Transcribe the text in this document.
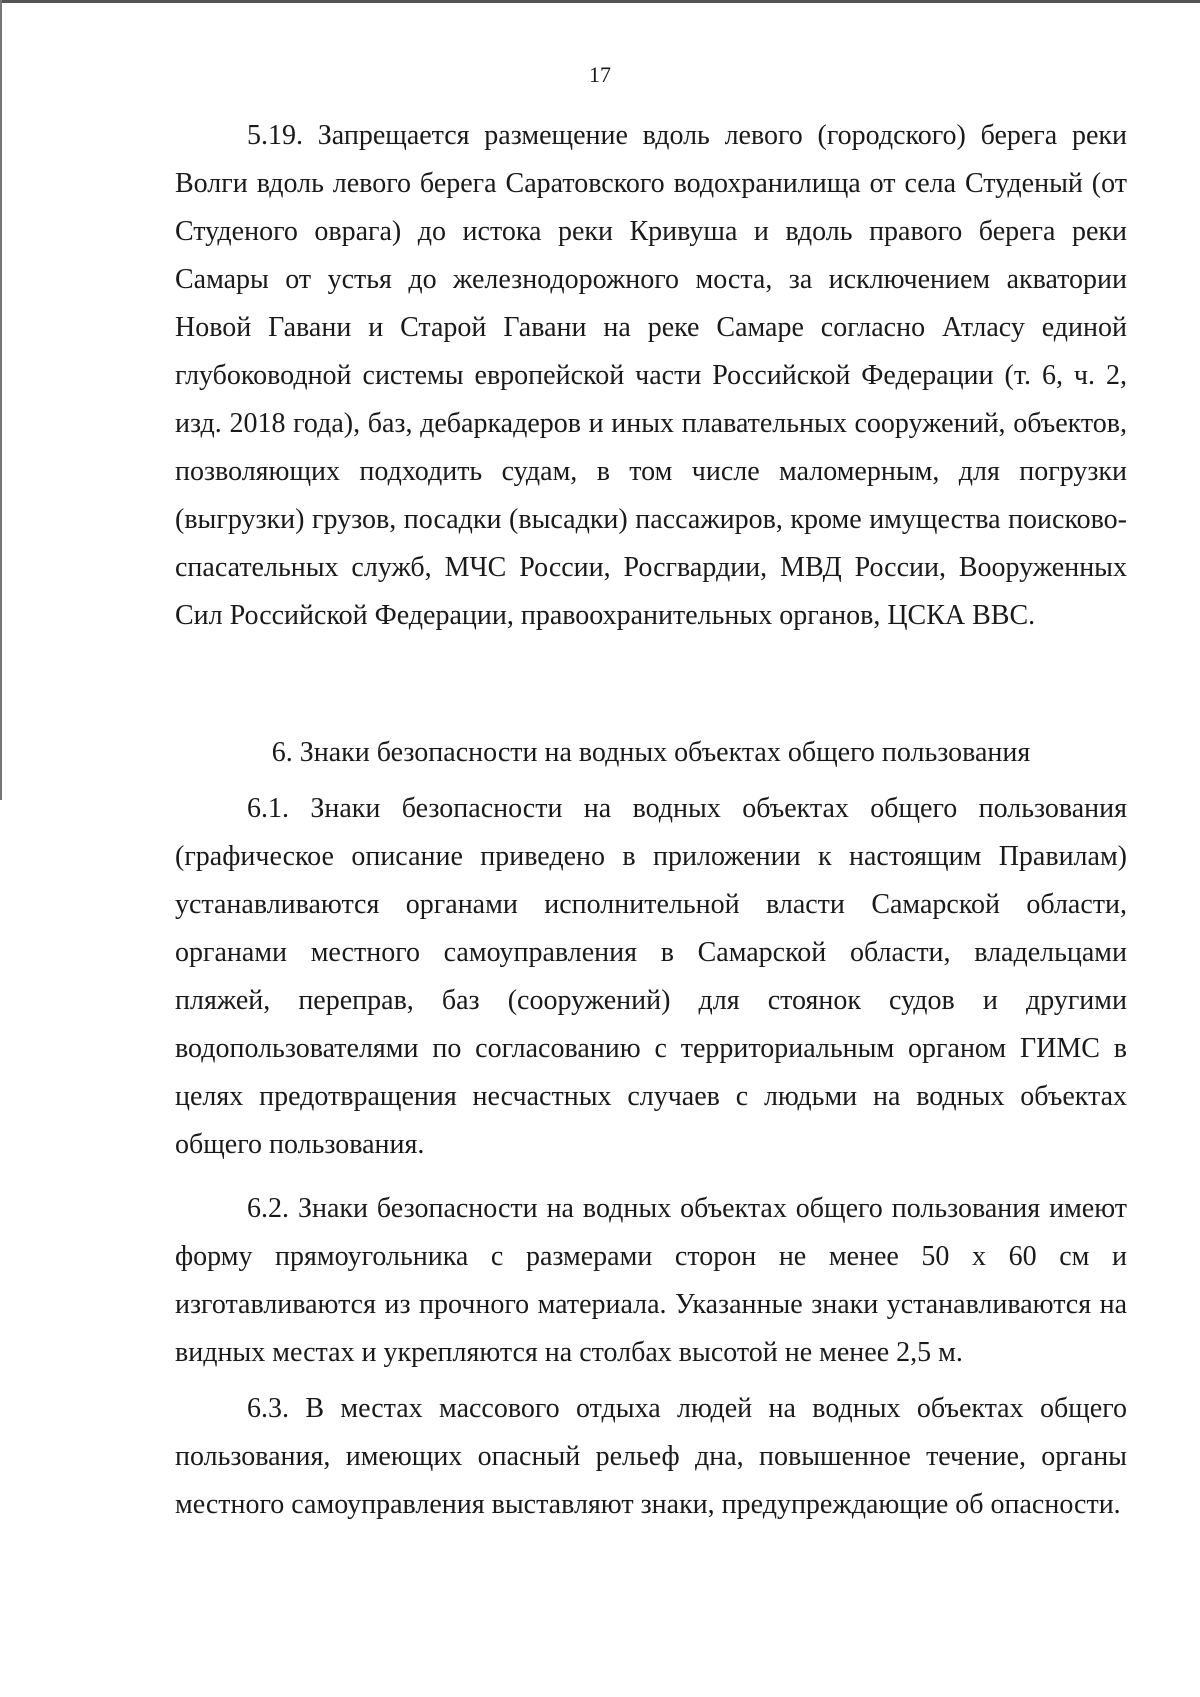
17

5.19. Запрещается размещение вдоль левого (городского) берега реки Волги вдоль левого берега Саратовского водохранилища от села Студеный (от Студеного оврага) до истока реки Кривуша и вдоль правого берега реки Самары от устья до железнодорожного моста, за исключением акватории Новой Гавани и Старой Гавани на реке Самаре согласно Атласу единой глубоководной системы европейской части Российской Федерации (т. 6, ч. 2, изд. 2018 года), баз, дебаркадеров и иных плавательных сооружений, объектов, позволяющих подходить судам, в том числе маломерным, для погрузки (выгрузки) грузов, посадки (высадки) пассажиров, кроме имущества поисково-спасательных служб, МЧС России, Росгвардии, МВД России, Вооруженных Сил Российской Федерации, правоохранительных органов, ЦСКА ВВС.

6. Знаки безопасности на водных объектах общего пользования

6.1. Знаки безопасности на водных объектах общего пользования (графическое описание приведено в приложении к настоящим Правилам) устанавливаются органами исполнительной власти Самарской области, органами местного самоуправления в Самарской области, владельцами пляжей, переправ, баз (сооружений) для стоянок судов и другими водопользователями по согласованию с территориальным органом ГИМС в целях предотвращения несчастных случаев с людьми на водных объектах общего пользования.

6.2. Знаки безопасности на водных объектах общего пользования имеют форму прямоугольника с размерами сторон не менее 50 х 60 см и изготавливаются из прочного материала. Указанные знаки устанавливаются на видных местах и укрепляются на столбах высотой не менее 2,5 м.

6.3. В местах массового отдыха людей на водных объектах общего пользования, имеющих опасный рельеф дна, повышенное течение, органы местного самоуправления выставляют знаки, предупреждающие об опасности.
